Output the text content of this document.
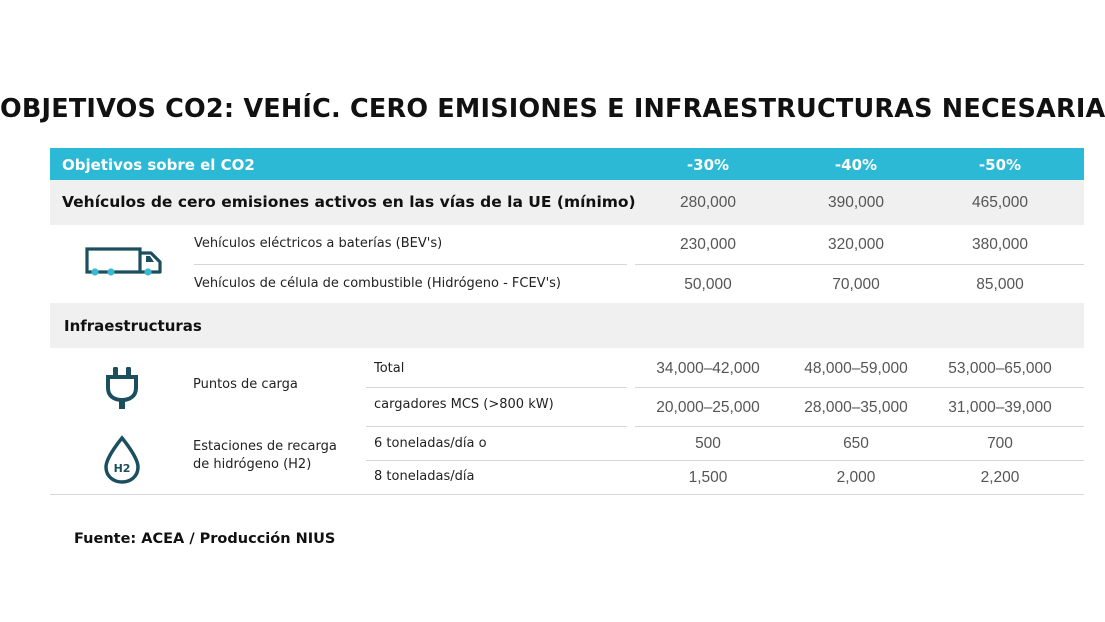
OBJETIVOS CO2: VEHÍC. CERO EMISIONES E INFRAESTRUCTURAS NECESARIA
Objetivos sobre el CO2	-30%	-40%	-50%
Vehículos de cero emisiones activos en las vías de la UE (mínimo)	280,000	390,000	465,000
Vehículos eléctricos a baterías (BEV's)	230,000	320,000	380,000
Vehículos de célula de combustible (Hidrógeno - FCEV's)	50,000	70,000	85,000
Infraestructuras
Puntos de carga
Total	34,000–42,000	48,000–59,000	53,000–65,000
cargadores MCS (>800 kW)	20,000–25,000	28,000–35,000	31,000–39,000
H2
Estaciones de recarga
de hidrógeno (H2)
6 toneladas/día o	500	650	700
8 toneladas/día	1,500	2,000	2,200
Fuente: ACEA / Producción NIUS
